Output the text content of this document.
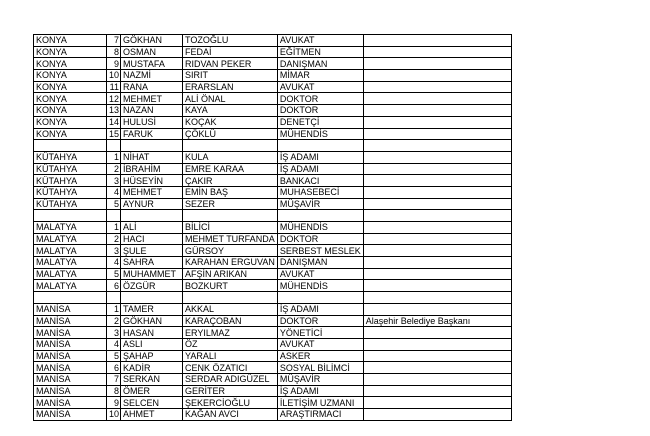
KONYA	7	GÖKHAN	TOZOĞLU	AVUKAT	
KONYA	8	OSMAN	FEDAİ	EĞİTMEN	
KONYA	9	MUSTAFA	RIDVAN PEKER	DANIŞMAN	
KONYA	10	NAZMİ	SIRIT	MİMAR	
KONYA	11	RANA	ERARSLAN	AVUKAT	
KONYA	12	MEHMET	ALİ ÖNAL	DOKTOR	
KONYA	13	NAZAN	KAYA	DOKTOR	
KONYA	14	HULUSİ	KOÇAK	DENETÇİ	
KONYA	15	FARUK	ÇÖKLÜ	MÜHENDİS	

KÜTAHYA	1	NİHAT	KULA	İŞ ADAMI	
KÜTAHYA	2	İBRAHİM	EMRE KARAA	İŞ ADAMI	
KÜTAHYA	3	HÜSEYİN	ÇAKIR	BANKACI	
KÜTAHYA	4	MEHMET	EMİN BAŞ	MUHASEBECİ	
KÜTAHYA	5	AYNUR	SEZER	MÜŞAVİR	

MALATYA	1	ALİ	BİLİCİ	MÜHENDİS	
MALATYA	2	HACI	MEHMET TURFANDA	DOKTOR	
MALATYA	3	ŞULE	GÜRSOY	SERBEST MESLEK	
MALATYA	4	SAHRA	KARAHAN ERGUVAN	DANIŞMAN	
MALATYA	5	MUHAMMET	AFŞİN ARIKAN	AVUKAT	
MALATYA	6	ÖZGÜR	BOZKURT	MÜHENDİS	

MANİSA	1	TAMER	AKKAL	İŞ ADAMI	
MANİSA	2	GÖKHAN	KARAÇOBAN	DOKTOR	Alaşehir Belediye Başkanı
MANİSA	3	HASAN	ERYILMAZ	YÖNETİCİ	
MANİSA	4	ASLI	ÖZ	AVUKAT	
MANİSA	5	ŞAHAP	YARALI	ASKER	
MANİSA	6	KADİR	CENK ÖZATICI	SOSYAL BİLİMCİ	
MANİSA	7	SERKAN	SERDAR ADIGÜZEL	MÜŞAVİR	
MANİSA	8	ÖMER	GERİTER	İŞ ADAMI	
MANİSA	9	SELCEN	ŞEKERCİOĞLU	İLETİŞİM UZMANI	
MANİSA	10	AHMET	KAĞAN AVCI	ARAŞTIRMACI	
